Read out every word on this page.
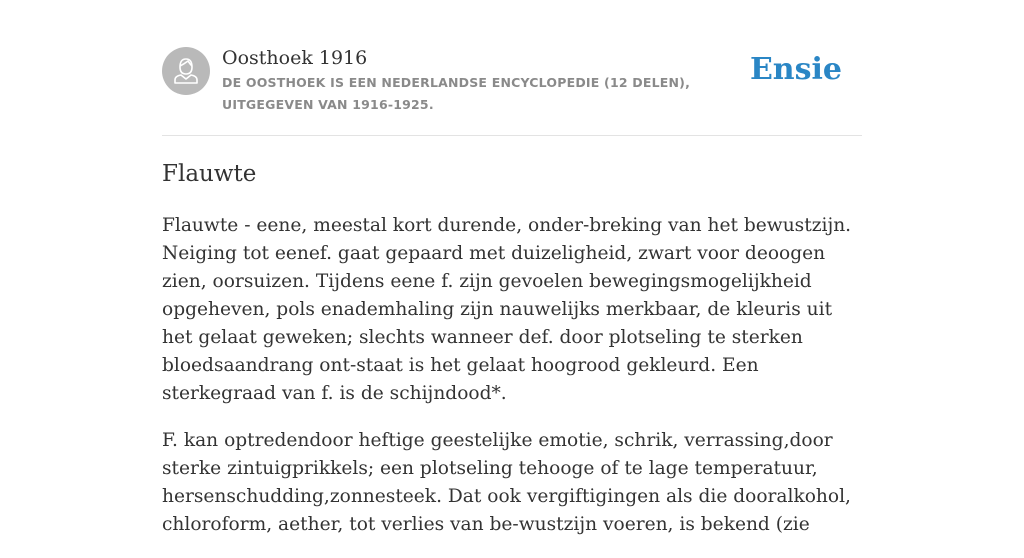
Oosthoek 1916
DE OOSTHOEK IS EEN NEDERLANDSE ENCYCLOPEDIE (12 DELEN), UITGEGEVEN VAN 1916-1925.
Ensie
Flauwte

Flauwte - eene, meestal kort durende, onder-breking van het bewustzijn. Neiging tot eenef. gaat gepaard met duizeligheid, zwart voor deoogen zien, oorsuizen. Tijdens eene f. zijn gevoelen bewegingsmogelijkheid opgeheven, pols enademhaling zijn nauwelijks merkbaar, de kleuris uit het gelaat geweken; slechts wanneer def. door plotseling te sterken bloedsaandrang ont-staat is het gelaat hoogrood gekleurd. Een sterkegraad van f. is de schijndood*.

F. kan optredendoor heftige geestelijke emotie, schrik, verrassing,door sterke zintuigprikkels; een plotseling tehooge of te lage temperatuur, hersenschudding,zonnesteek. Dat ook vergiftigingen als die dooralkohol, chloroform, aether, tot verlies van be-wustzijn voeren, is bekend (zie
